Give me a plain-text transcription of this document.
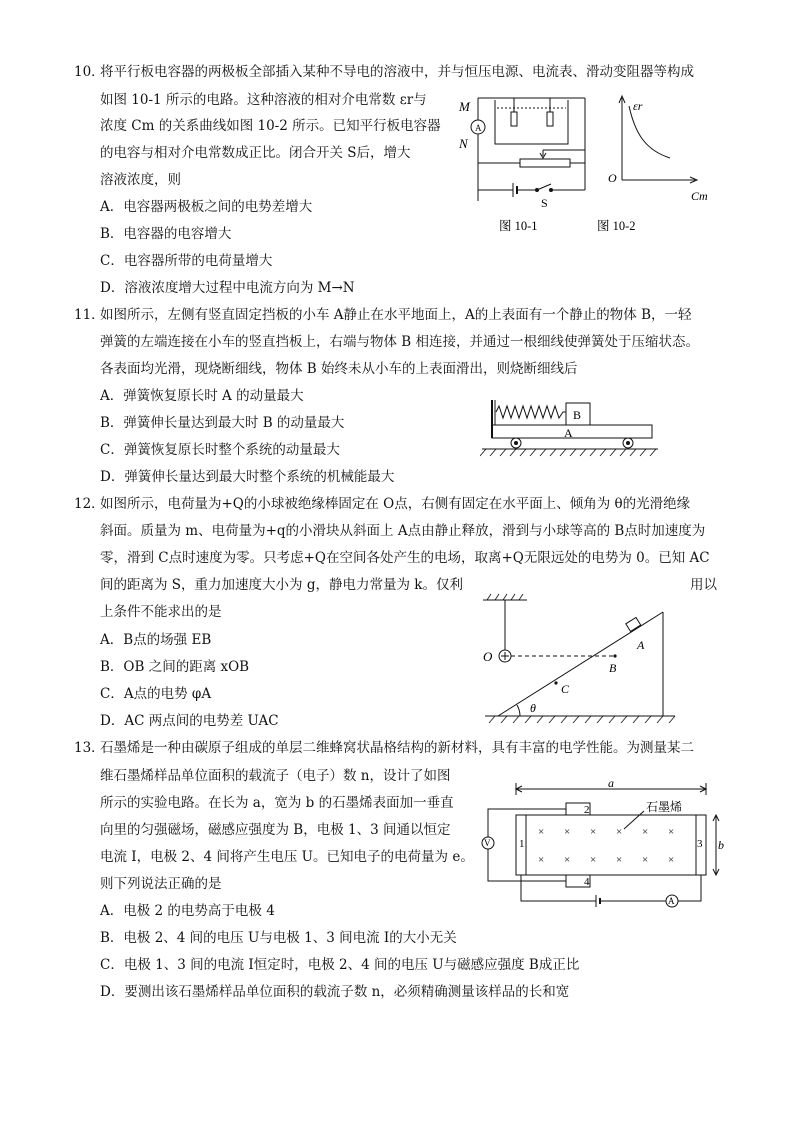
10．
将平行板电容器的两极板全部插入某种不导电的溶液中，并与恒压电源、电流表、滑动变阻器等构成
如图 10-1 所示的电路。这种溶液的相对介电常数 εr与
浓度 Cm 的关系曲线如图 10-2 所示。已知平行板电容器
的电容与相对介电常数成正比。闭合开关 S后，增大
溶液浓度，则
A．电容器两极板之间的电势差增大
B．电容器的电容增大
C．电容器所带的电荷量增大
D．溶液浓度增大过程中电流方向为 M→N
A
M
N
S
εr
O
Cm
图 10-1	图 10-2
11．
如图所示，左侧有竖直固定挡板的小车 A静止在水平地面上，A的上表面有一个静止的物体 B，一轻
弹簧的左端连接在小车的竖直挡板上，右端与物体 B 相连接，并通过一根细线使弹簧处于压缩状态。
各表面均光滑，现烧断细线，物体 B 始终未从小车的上表面滑出，则烧断细线后
A．弹簧恢复原长时 A 的动量最大
B．弹簧伸长量达到最大时 B 的动量最大
C．弹簧恢复原长时整个系统的动量最大
D．弹簧伸长量达到最大时整个系统的机械能最大
B
A
12．
如图所示，电荷量为+Q的小球被绝缘棒固定在 O点，右侧有固定在水平面上、倾角为 θ的光滑绝缘
斜面。质量为 m、电荷量为+q的小滑块从斜面上 A点由静止释放，滑到与小球等高的 B点时加速度为
零，滑到 C点时速度为零。只考虑+Q在空间各处产生的电场，取离+Q无限远处的电势为 0。已知 AC
间的距离为 S，重力加速度大小为 g，静电力常量为 k。仅利	用以
上条件不能求出的是
A．B点的场强 EB
B．OB 之间的距离 xOB
C．A点的电势 φA
D．AC 两点间的电势差 UAC
O
A
B
C
θ
13．
石墨烯是一种由碳原子组成的单层二维蜂窝状晶格结构的新材料，具有丰富的电学性能。为测量某二
维石墨烯样品单位面积的载流子（电子）数 n，设计了如图
所示的实验电路。在长为 a，宽为 b 的石墨烯表面加一垂直
向里的匀强磁场，磁感应强度为 B，电极 1、3 间通以恒定
电流 I，电极 2、4 间将产生电压 U。已知电子的电荷量为 e。
则下列说法正确的是
A．电极 2 的电势高于电极 4
B．电极 2、4 间的电压 U与电极 1、3 间电流 I的大小无关
C．电极 1、3 间的电流 I恒定时，电极 2、4 间的电压 U与磁感应强度 B成正比
D．要测出该石墨烯样品单位面积的载流子数 n，必须精确测量该样品的长和宽
× × × × × ×
× × × × × ×
a
b
石墨烯
1
2
3
4
V
A
